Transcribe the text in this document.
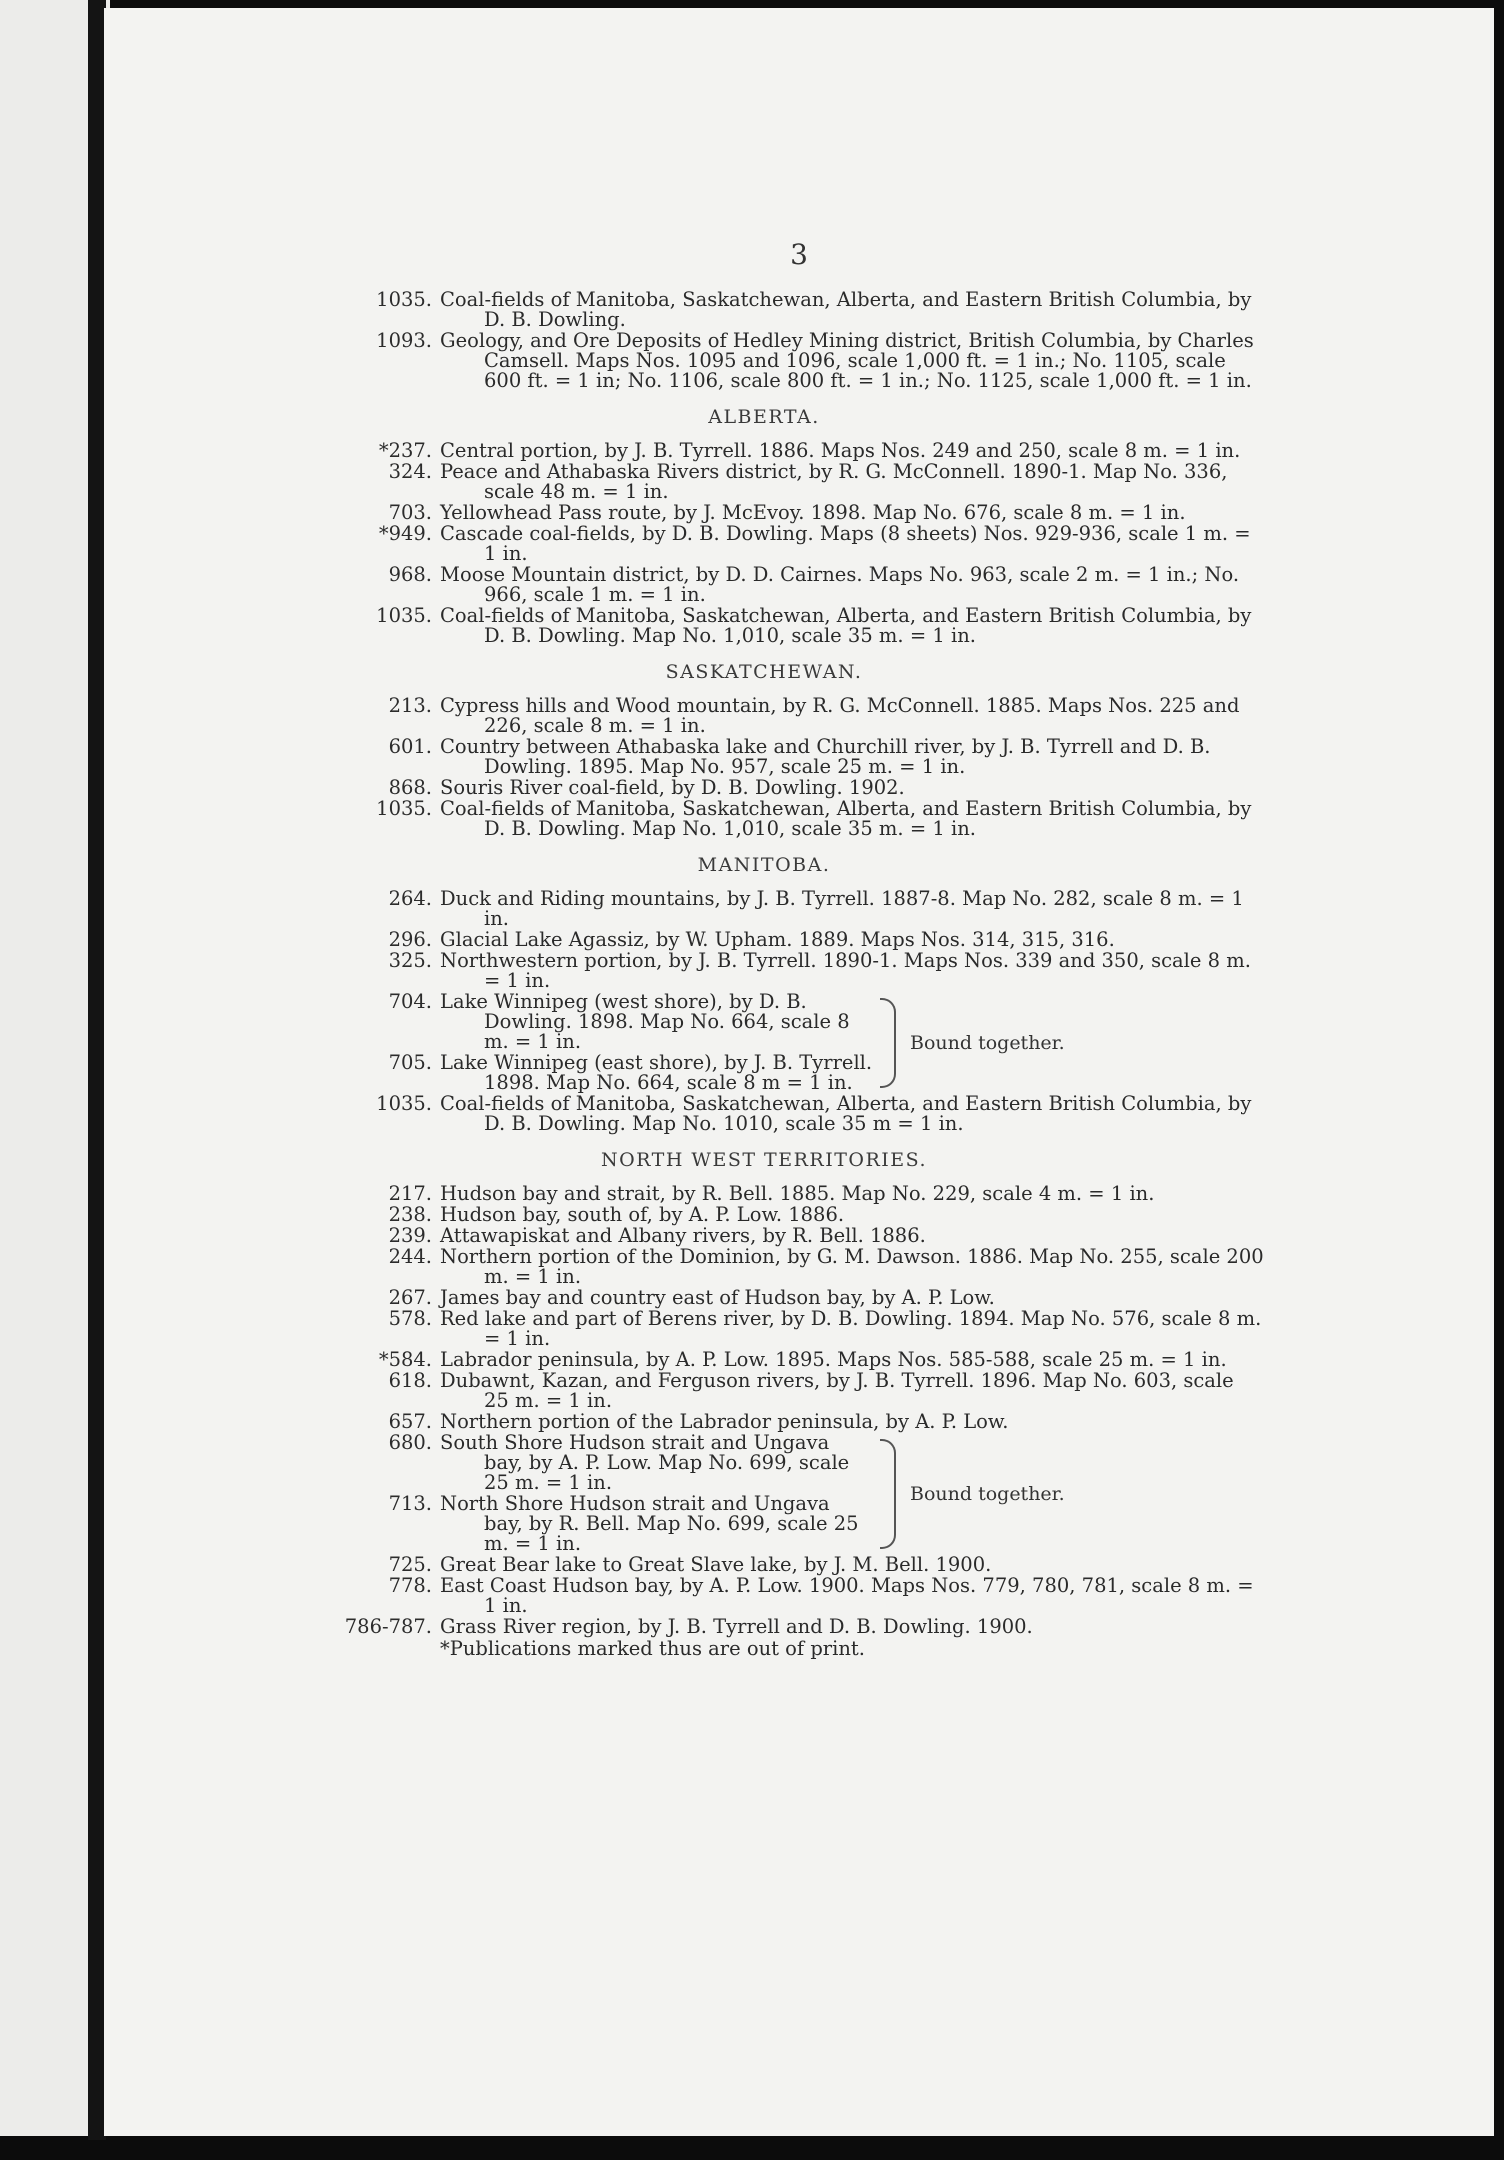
3
1035. Coal-fields of Manitoba, Saskatchewan, Alberta, and Eastern British Columbia, by D. B. Dowling.
1093. Geology, and Ore Deposits of Hedley Mining district, British Columbia, by Charles Camsell. Maps Nos. 1095 and 1096, scale 1,000 ft. = 1 in.; No. 1105, scale 600 ft. = 1 in; No. 1106, scale 800 ft. = 1 in.; No. 1125, scale 1,000 ft. = 1 in.
ALBERTA.
*237. Central portion, by J. B. Tyrrell. 1886. Maps Nos. 249 and 250, scale 8 m. = 1 in.
324. Peace and Athabaska Rivers district, by R. G. McConnell. 1890-1. Map No. 336, scale 48 m. = 1 in.
703. Yellowhead Pass route, by J. McEvoy. 1898. Map No. 676, scale 8 m. = 1 in.
*949. Cascade coal-fields, by D. B. Dowling. Maps (8 sheets) Nos. 929-936, scale 1 m. = 1 in.
968. Moose Mountain district, by D. D. Cairnes. Maps No. 963, scale 2 m. = 1 in.; No. 966, scale 1 m. = 1 in.
1035. Coal-fields of Manitoba, Saskatchewan, Alberta, and Eastern British Columbia, by D. B. Dowling. Map No. 1,010, scale 35 m. = 1 in.
SASKATCHEWAN.
213. Cypress hills and Wood mountain, by R. G. McConnell. 1885. Maps Nos. 225 and 226, scale 8 m. = 1 in.
601. Country between Athabaska lake and Churchill river, by J. B. Tyrrell and D. B. Dowling. 1895. Map No. 957, scale 25 m. = 1 in.
868. Souris River coal-field, by D. B. Dowling. 1902.
1035. Coal-fields of Manitoba, Saskatchewan, Alberta, and Eastern British Columbia, by D. B. Dowling. Map No. 1,010, scale 35 m. = 1 in.
MANITOBA.
264. Duck and Riding mountains, by J. B. Tyrrell. 1887-8. Map No. 282, scale 8 m. = 1 in.
296. Glacial Lake Agassiz, by W. Upham. 1889. Maps Nos. 314, 315, 316.
325. Northwestern portion, by J. B. Tyrrell. 1890-1. Maps Nos. 339 and 350, scale 8 m. = 1 in.
704. Lake Winnipeg (west shore), by D. B. Dowling. 1898. Map No. 664, scale 8 m. = 1 in.
705. Lake Winnipeg (east shore), by J. B. Tyrrell. 1898. Map No. 664, scale 8 m = 1 in.
Bound together.
1035. Coal-fields of Manitoba, Saskatchewan, Alberta, and Eastern British Columbia, by D. B. Dowling. Map No. 1010, scale 35 m = 1 in.
NORTH WEST TERRITORIES.
217. Hudson bay and strait, by R. Bell. 1885. Map No. 229, scale 4 m. = 1 in.
238. Hudson bay, south of, by A. P. Low. 1886.
239. Attawapiskat and Albany rivers, by R. Bell. 1886.
244. Northern portion of the Dominion, by G. M. Dawson. 1886. Map No. 255, scale 200 m. = 1 in.
267. James bay and country east of Hudson bay, by A. P. Low.
578. Red lake and part of Berens river, by D. B. Dowling. 1894. Map No. 576, scale 8 m. = 1 in.
*584. Labrador peninsula, by A. P. Low. 1895. Maps Nos. 585-588, scale 25 m. = 1 in.
618. Dubawnt, Kazan, and Ferguson rivers, by J. B. Tyrrell. 1896. Map No. 603, scale 25 m. = 1 in.
657. Northern portion of the Labrador peninsula, by A. P. Low.
680. South Shore Hudson strait and Ungava bay, by A. P. Low. Map No. 699, scale 25 m. = 1 in.
713. North Shore Hudson strait and Ungava bay, by R. Bell. Map No. 699, scale 25 m. = 1 in.
Bound together.
725. Great Bear lake to Great Slave lake, by J. M. Bell. 1900.
778. East Coast Hudson bay, by A. P. Low. 1900. Maps Nos. 779, 780, 781, scale 8 m. = 1 in.
786-787. Grass River region, by J. B. Tyrrell and D. B. Dowling. 1900.
*Publications marked thus are out of print.
